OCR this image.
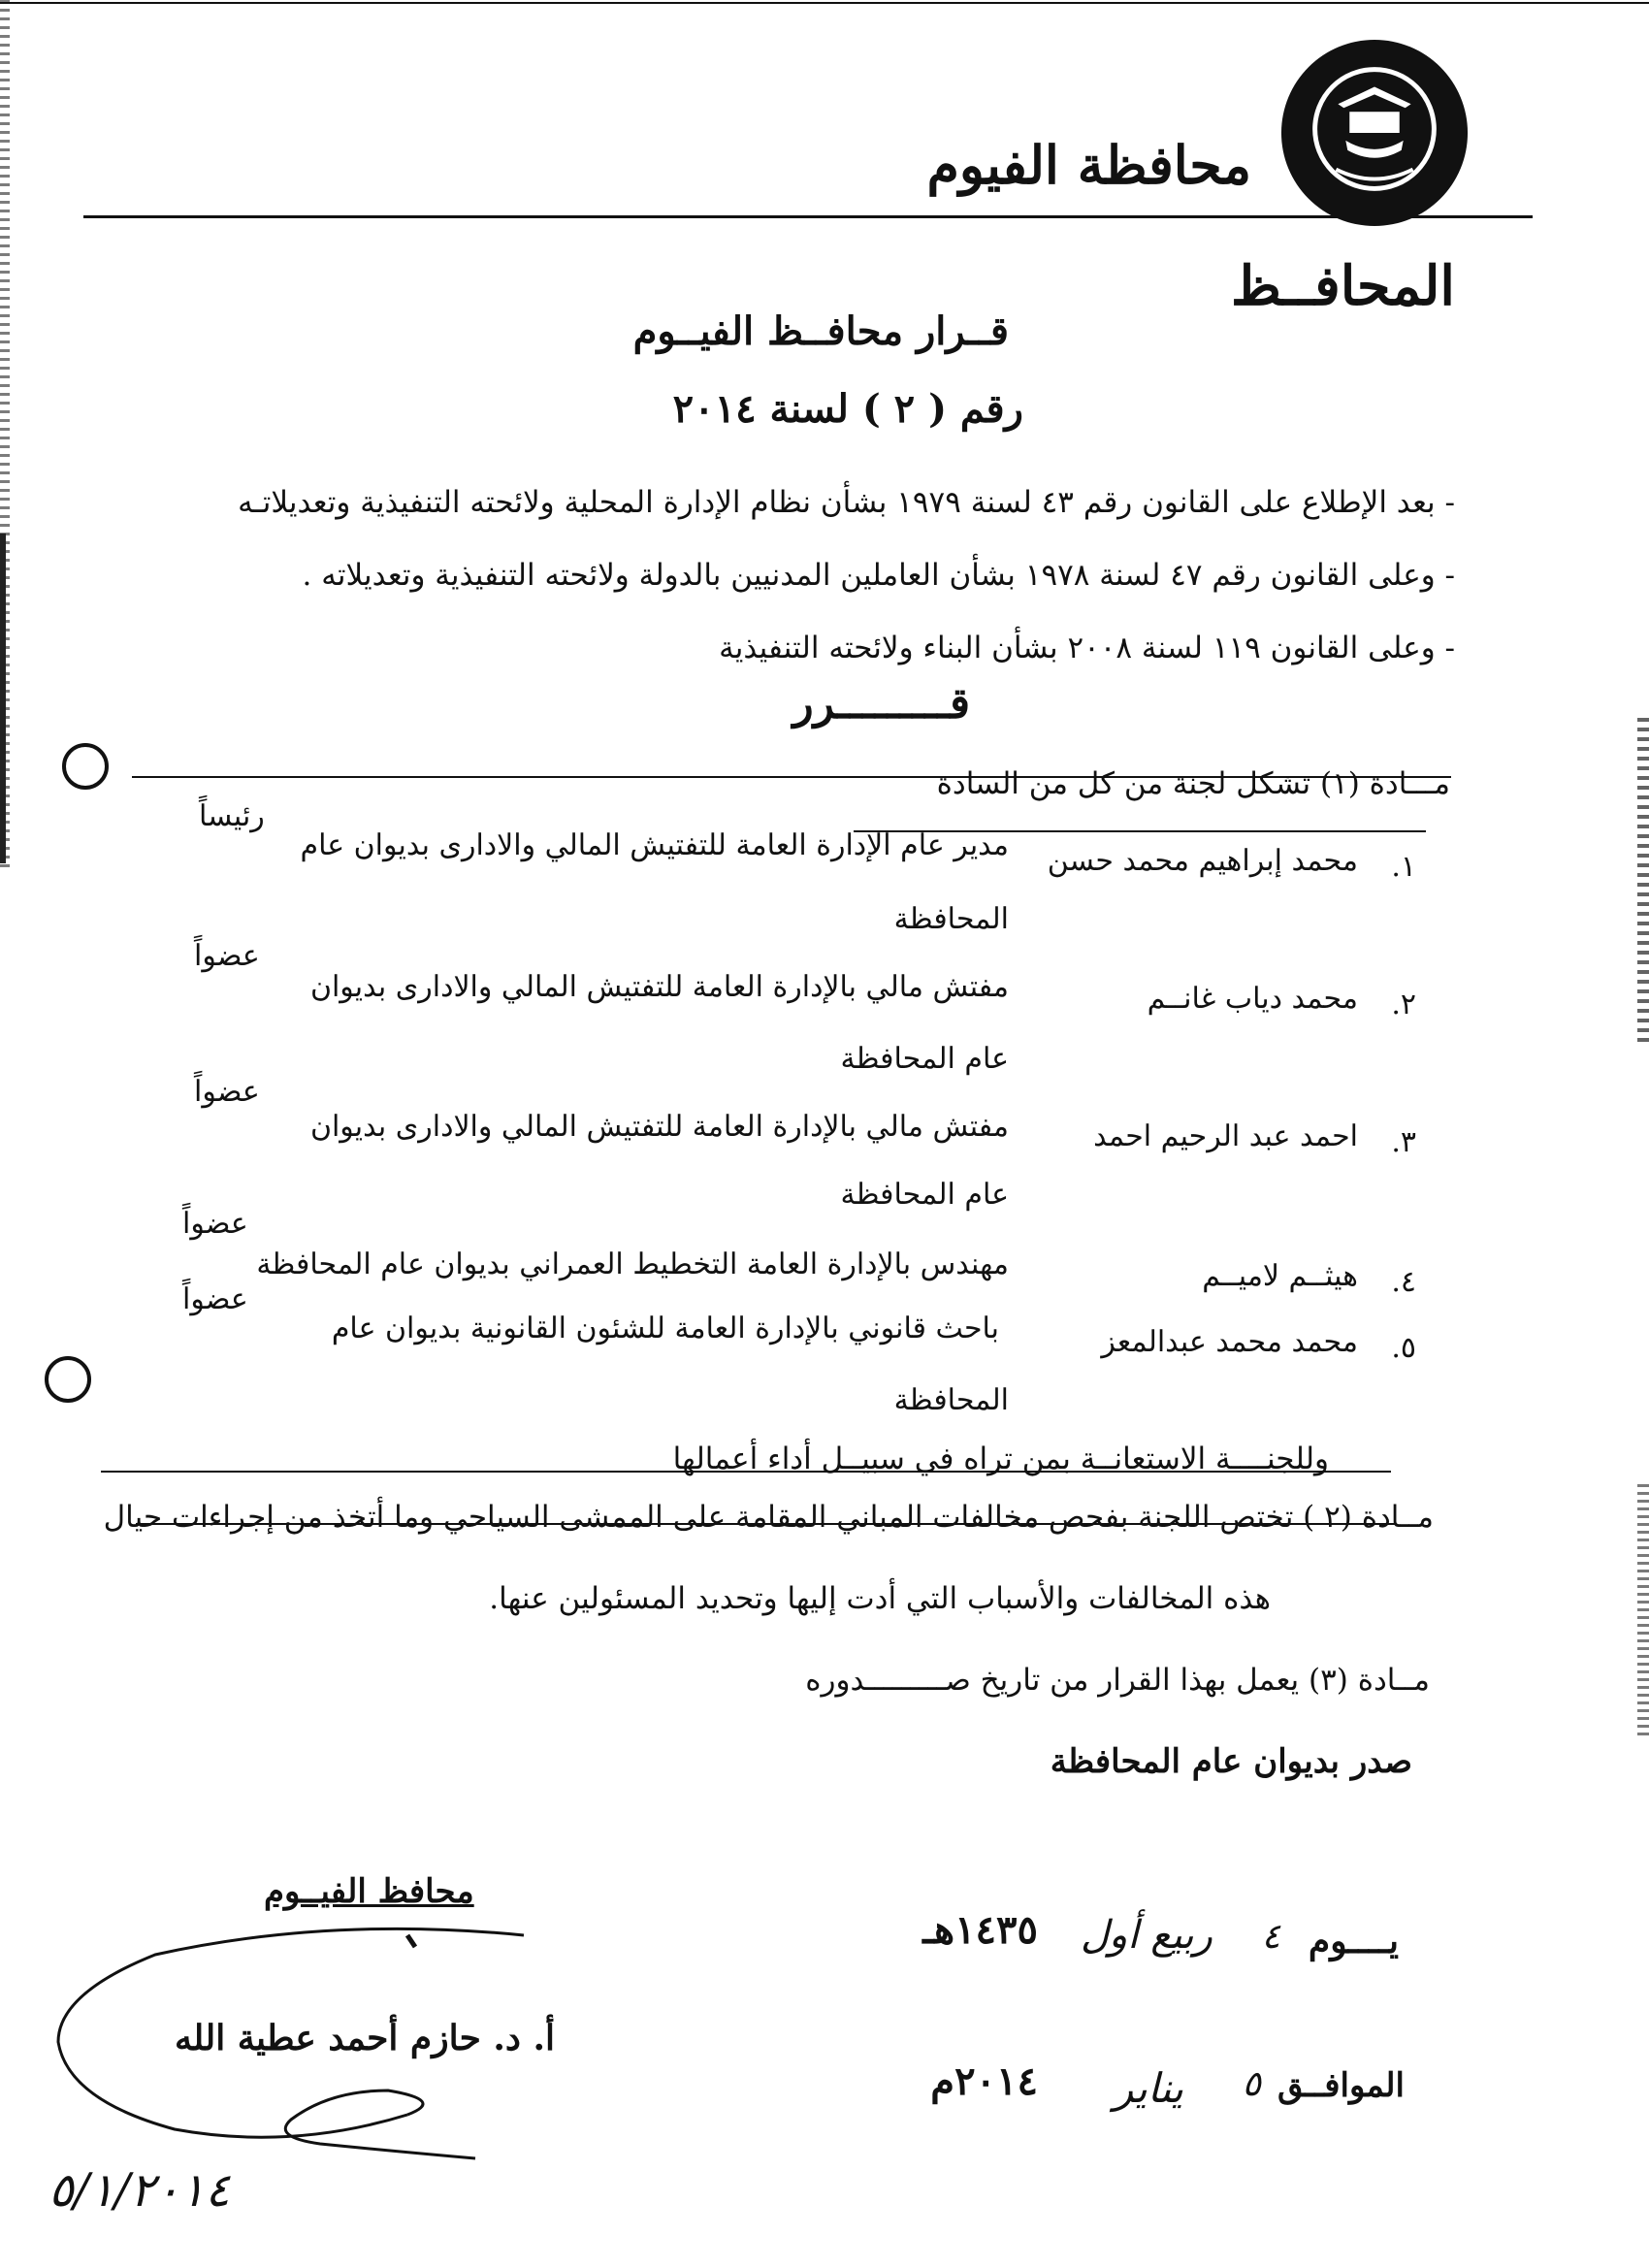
محافظة الفيوم
المحافــظ
قــرار محافــظ الفيــوم
رقم ( ٢ ) لسنة ٢٠١٤
- بعد الإطلاع على القانون رقم ٤٣ لسنة ١٩٧٩ بشأن نظام الإدارة المحلية ولائحته التنفيذية وتعديلاتـه
- وعلى القانون رقم ٤٧ لسنة ١٩٧٨ بشأن العاملين المدنيين بالدولة ولائحته التنفيذية وتعديلاته .
- وعلى القانون ١١٩ لسنة ٢٠٠٨ بشأن البناء ولائحته التنفيذية
قـــــــــرر
مـــادة (١) تشكل لجنة من كل من السادة
.١
محمد إبراهيم محمد حسن
مدير عام الإدارة العامة للتفتيش المالي والادارى بديوان عام
المحافظة
رئيساً
.٢
محمد دياب غانــم
مفتش مالي بالإدارة العامة للتفتيش المالي والادارى بديوان
عام المحافظة
عضواً
.٣
احمد عبد الرحيم احمد
مفتش مالي بالإدارة العامة للتفتيش المالي والادارى بديوان
عام المحافظة
عضواً
.٤
هيثــم لاميــم
مهندس بالإدارة العامة التخطيط العمراني بديوان عام المحافظة
عضواً
.٥
محمد محمد عبدالمعز
باحث قانوني بالإدارة العامة للشئون القانونية بديوان عام
المحافظة
عضواً
وللجنــــة الاستعانــة بمن تراه في سبيــل أداء أعمالها
مــادة (٢ ) تختص اللجنة بفحص مخالفات المباني المقامة على الممشى السياحي وما أتخذ من إجراءات حيال
هذه المخالفات والأسباب التي أدت إليها وتحديد المسئولين عنها.
مــادة (٣) يعمل بهذا القرار من تاريخ صـــــــــدوره
صدر بديوان عام المحافظة
يــــوم
٤
ربيع أول
١٤٣٥هـ
الموافــق
٥
يناير
٢٠١٤م
محافظ الفيــوم
أ. د. حازم أحمد عطية الله
٥/١/٢٠١٤
